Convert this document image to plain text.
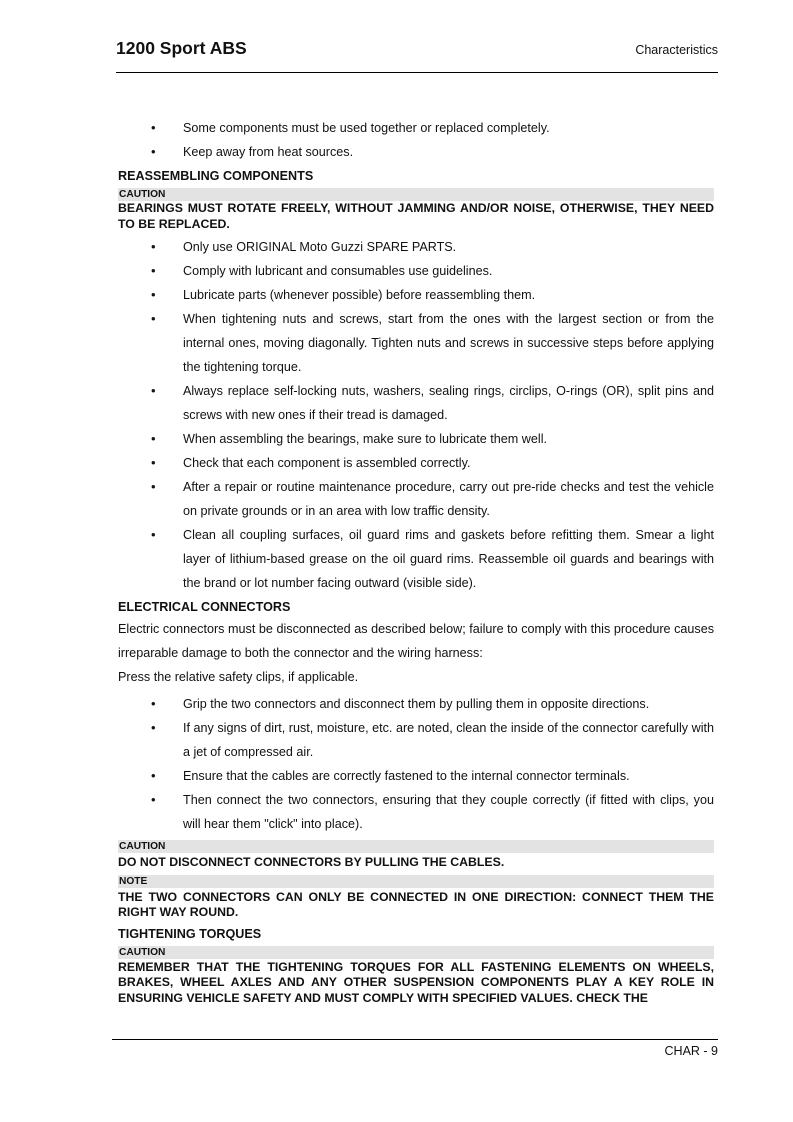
1200 Sport ABS	Characteristics
• Some components must be used together or replaced completely.
• Keep away from heat sources.
REASSEMBLING COMPONENTS
CAUTION
BEARINGS MUST ROTATE FREELY, WITHOUT JAMMING AND/OR NOISE, OTHERWISE, THEY NEED TO BE REPLACED.
• Only use ORIGINAL Moto Guzzi SPARE PARTS.
• Comply with lubricant and consumables use guidelines.
• Lubricate parts (whenever possible) before reassembling them.
• When tightening nuts and screws, start from the ones with the largest section or from the internal ones, moving diagonally. Tighten nuts and screws in successive steps before applying the tightening torque.
• Always replace self-locking nuts, washers, sealing rings, circlips, O-rings (OR), split pins and screws with new ones if their tread is damaged.
• When assembling the bearings, make sure to lubricate them well.
• Check that each component is assembled correctly.
• After a repair or routine maintenance procedure, carry out pre-ride checks and test the vehicle on private grounds or in an area with low traffic density.
• Clean all coupling surfaces, oil guard rims and gaskets before refitting them. Smear a light layer of lithium-based grease on the oil guard rims. Reassemble oil guards and bearings with the brand or lot number facing outward (visible side).
ELECTRICAL CONNECTORS
Electric connectors must be disconnected as described below; failure to comply with this procedure causes irreparable damage to both the connector and the wiring harness:
Press the relative safety clips, if applicable.
• Grip the two connectors and disconnect them by pulling them in opposite directions.
• If any signs of dirt, rust, moisture, etc. are noted, clean the inside of the connector carefully with a jet of compressed air.
• Ensure that the cables are correctly fastened to the internal connector terminals.
• Then connect the two connectors, ensuring that they couple correctly (if fitted with clips, you will hear them "click" into place).
CAUTION
DO NOT DISCONNECT CONNECTORS BY PULLING THE CABLES.
NOTE
THE TWO CONNECTORS CAN ONLY BE CONNECTED IN ONE DIRECTION: CONNECT THEM THE RIGHT WAY ROUND.
TIGHTENING TORQUES
CAUTION
REMEMBER THAT THE TIGHTENING TORQUES FOR ALL FASTENING ELEMENTS ON WHEELS, BRAKES, WHEEL AXLES AND ANY OTHER SUSPENSION COMPONENTS PLAY A KEY ROLE IN ENSURING VEHICLE SAFETY AND MUST COMPLY WITH SPECIFIED VALUES. CHECK THE
CHAR - 9
